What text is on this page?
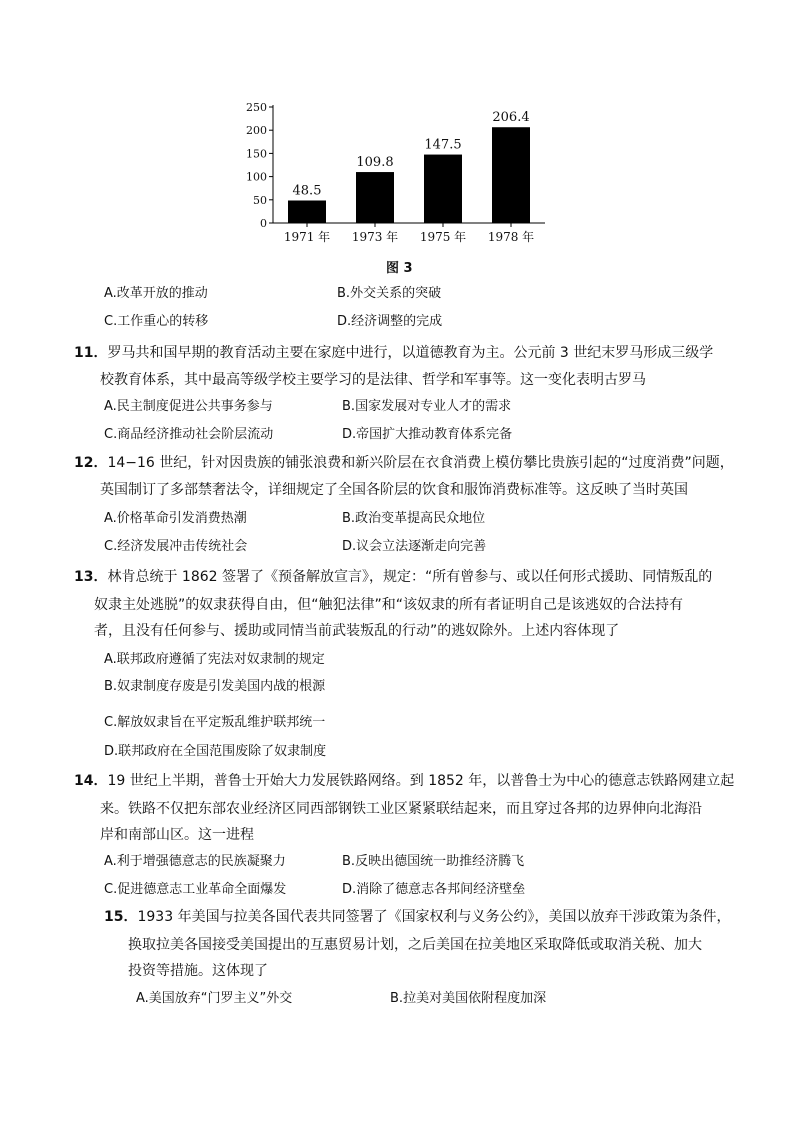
0
50
100
150
200
250
48.5
1971 年
109.8
1973 年
147.5
1975 年
206.4
1978 年
图 3
A.改革开放的推动	B.外交关系的突破
C.工作重心的转移	D.经济调整的完成
11．罗马共和国早期的教育活动主要在家庭中进行，以道德教育为主。公元前 3 世纪末罗马形成三级学
校教育体系，其中最高等级学校主要学习的是法律、哲学和军事等。这一变化表明古罗马
A.民主制度促进公共事务参与	B.国家发展对专业人才的需求
C.商品经济推动社会阶层流动	D.帝国扩大推动教育体系完备
12．14−16 世纪，针对因贵族的铺张浪费和新兴阶层在衣食消费上模仿攀比贵族引起的“过度消费”问题，
英国制订了多部禁奢法令，详细规定了全国各阶层的饮食和服饰消费标准等。这反映了当时英国
A.价格革命引发消费热潮	B.政治变革提高民众地位
C.经济发展冲击传统社会	D.议会立法逐渐走向完善
13．林肯总统于 1862 签署了《预备解放宣言》，规定：“所有曾参与、或以任何形式援助、同情叛乱的
奴隶主处逃脱”的奴隶获得自由，但“触犯法律”和“该奴隶的所有者证明自己是该逃奴的合法持有
者，且没有任何参与、援助或同情当前武装叛乱的行动”的逃奴除外。上述内容体现了
A.联邦政府遵循了宪法对奴隶制的规定
B.奴隶制度存废是引发美国内战的根源
C.解放奴隶旨在平定叛乱维护联邦统一
D.联邦政府在全国范围废除了奴隶制度
14．19 世纪上半期，普鲁士开始大力发展铁路网络。到 1852 年，以普鲁士为中心的德意志铁路网建立起
来。铁路不仅把东部农业经济区同西部钢铁工业区紧紧联结起来，而且穿过各邦的边界伸向北海沿
岸和南部山区。这一进程
A.利于增强德意志的民族凝聚力	B.反映出德国统一助推经济腾飞
C.促进德意志工业革命全面爆发	D.消除了德意志各邦间经济壁垒
15．1933 年美国与拉美各国代表共同签署了《国家权利与义务公约》，美国以放弃干涉政策为条件，
换取拉美各国接受美国提出的互惠贸易计划，之后美国在拉美地区采取降低或取消关税、加大
投资等措施。这体现了
A.美国放弃“门罗主义”外交	B.拉美对美国依附程度加深
